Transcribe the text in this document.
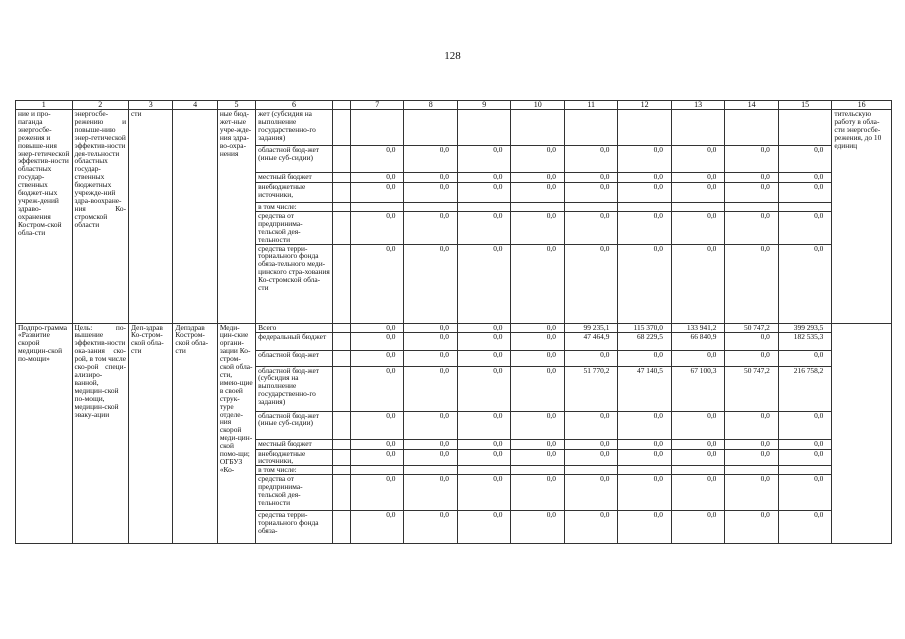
128
1	2	3	4	5	6		7	8	9	10	11	12	13	14	15	16
ние и про-пагандa энергосбе-режения и повыше-ния энер-гетической эффектив-ности областных государ-ственных бюджет-ных учреж-дений здраво-охранения Костром-ской обла-сти	энергосбе-режению и повыше-нию энер-гетической эффектив-ности дея-тельности областных государ-ственных бюджетных учрежде-ний здра-воохране-ния Ко-стромской области	сти		ные бюд-жет-ные учре-жде-ния здра-во-охра-нения	жет (субсидия на выполнение государственно-го задания)											тительскую работу в обла-сти энергосбе-режения, до 10 единиц
					областной бюд-жет (иные суб-сидии)		0,0	0,0	0,0	0,0	0,0	0,0	0,0	0,0	0,0	
					местный бюджет		0,0	0,0	0,0	0,0	0,0	0,0	0,0	0,0	0,0	
					внебюджетные источники,		0,0	0,0	0,0	0,0	0,0	0,0	0,0	0,0	0,0	
					в том числе:											
					средства от предпринима-тельской дея-тельности		0,0	0,0	0,0	0,0	0,0	0,0	0,0	0,0	0,0	
					средства терри-ториального фонда обяза-тельного меди-цинского стра-хования Ко-стромской обла-сти		0,0	0,0	0,0	0,0	0,0	0,0	0,0	0,0	0,0	
Подпро-грамма «Развитие скорой медицин-ской по-мощи»	Цель: по-вышение эффектив-ности ока-зания ско-рой, в том числе ско-рой специ-ализиро-ванной, медицин-ской по-мощи, медицин-ской эваку-ации	Деп-здрав Ко-стром-ской обла-сти	Депздрав Костром-ской обла-сти	Меди-цин-ские органи-зации Ко-стром-ской обла-сти, имею-щие в своей струк-туре отделе-ния скорой меди-цин-ской помо-щи; ОГБУЗ «Ко-	Всего		0,0	0,0	0,0	0,0	99 235,1	115 370,0	133 941,2	50 747,2	399 293,5	
					федеральный бюджет		0,0	0,0	0,0	0,0	47 464,9	68 229,5	66 840,9	0,0	182 535,3	
					областной бюд-жет		0,0	0,0	0,0	0,0	0,0	0,0	0,0	0,0	0,0	
					областной бюд-жет (субсидия на выполнение государственно-го задания)		0,0	0,0	0,0	0,0	51 770,2	47 140,5	67 100,3	50 747,2	216 758,2	
					областной бюд-жет (иные суб-сидии)		0,0	0,0	0,0	0,0	0,0	0,0	0,0	0,0	0,0	
					местный бюджет		0,0	0,0	0,0	0,0	0,0	0,0	0,0	0,0	0,0	
					внебюджетные источники,		0,0	0,0	0,0	0,0	0,0	0,0	0,0	0,0	0,0	
					в том числе:											
					средства от предпринима-тельской дея-тельности		0,0	0,0	0,0	0,0	0,0	0,0	0,0	0,0	0,0	
					средства терри-ториального фонда обяза-		0,0	0,0	0,0	0,0	0,0	0,0	0,0	0,0	0,0	
